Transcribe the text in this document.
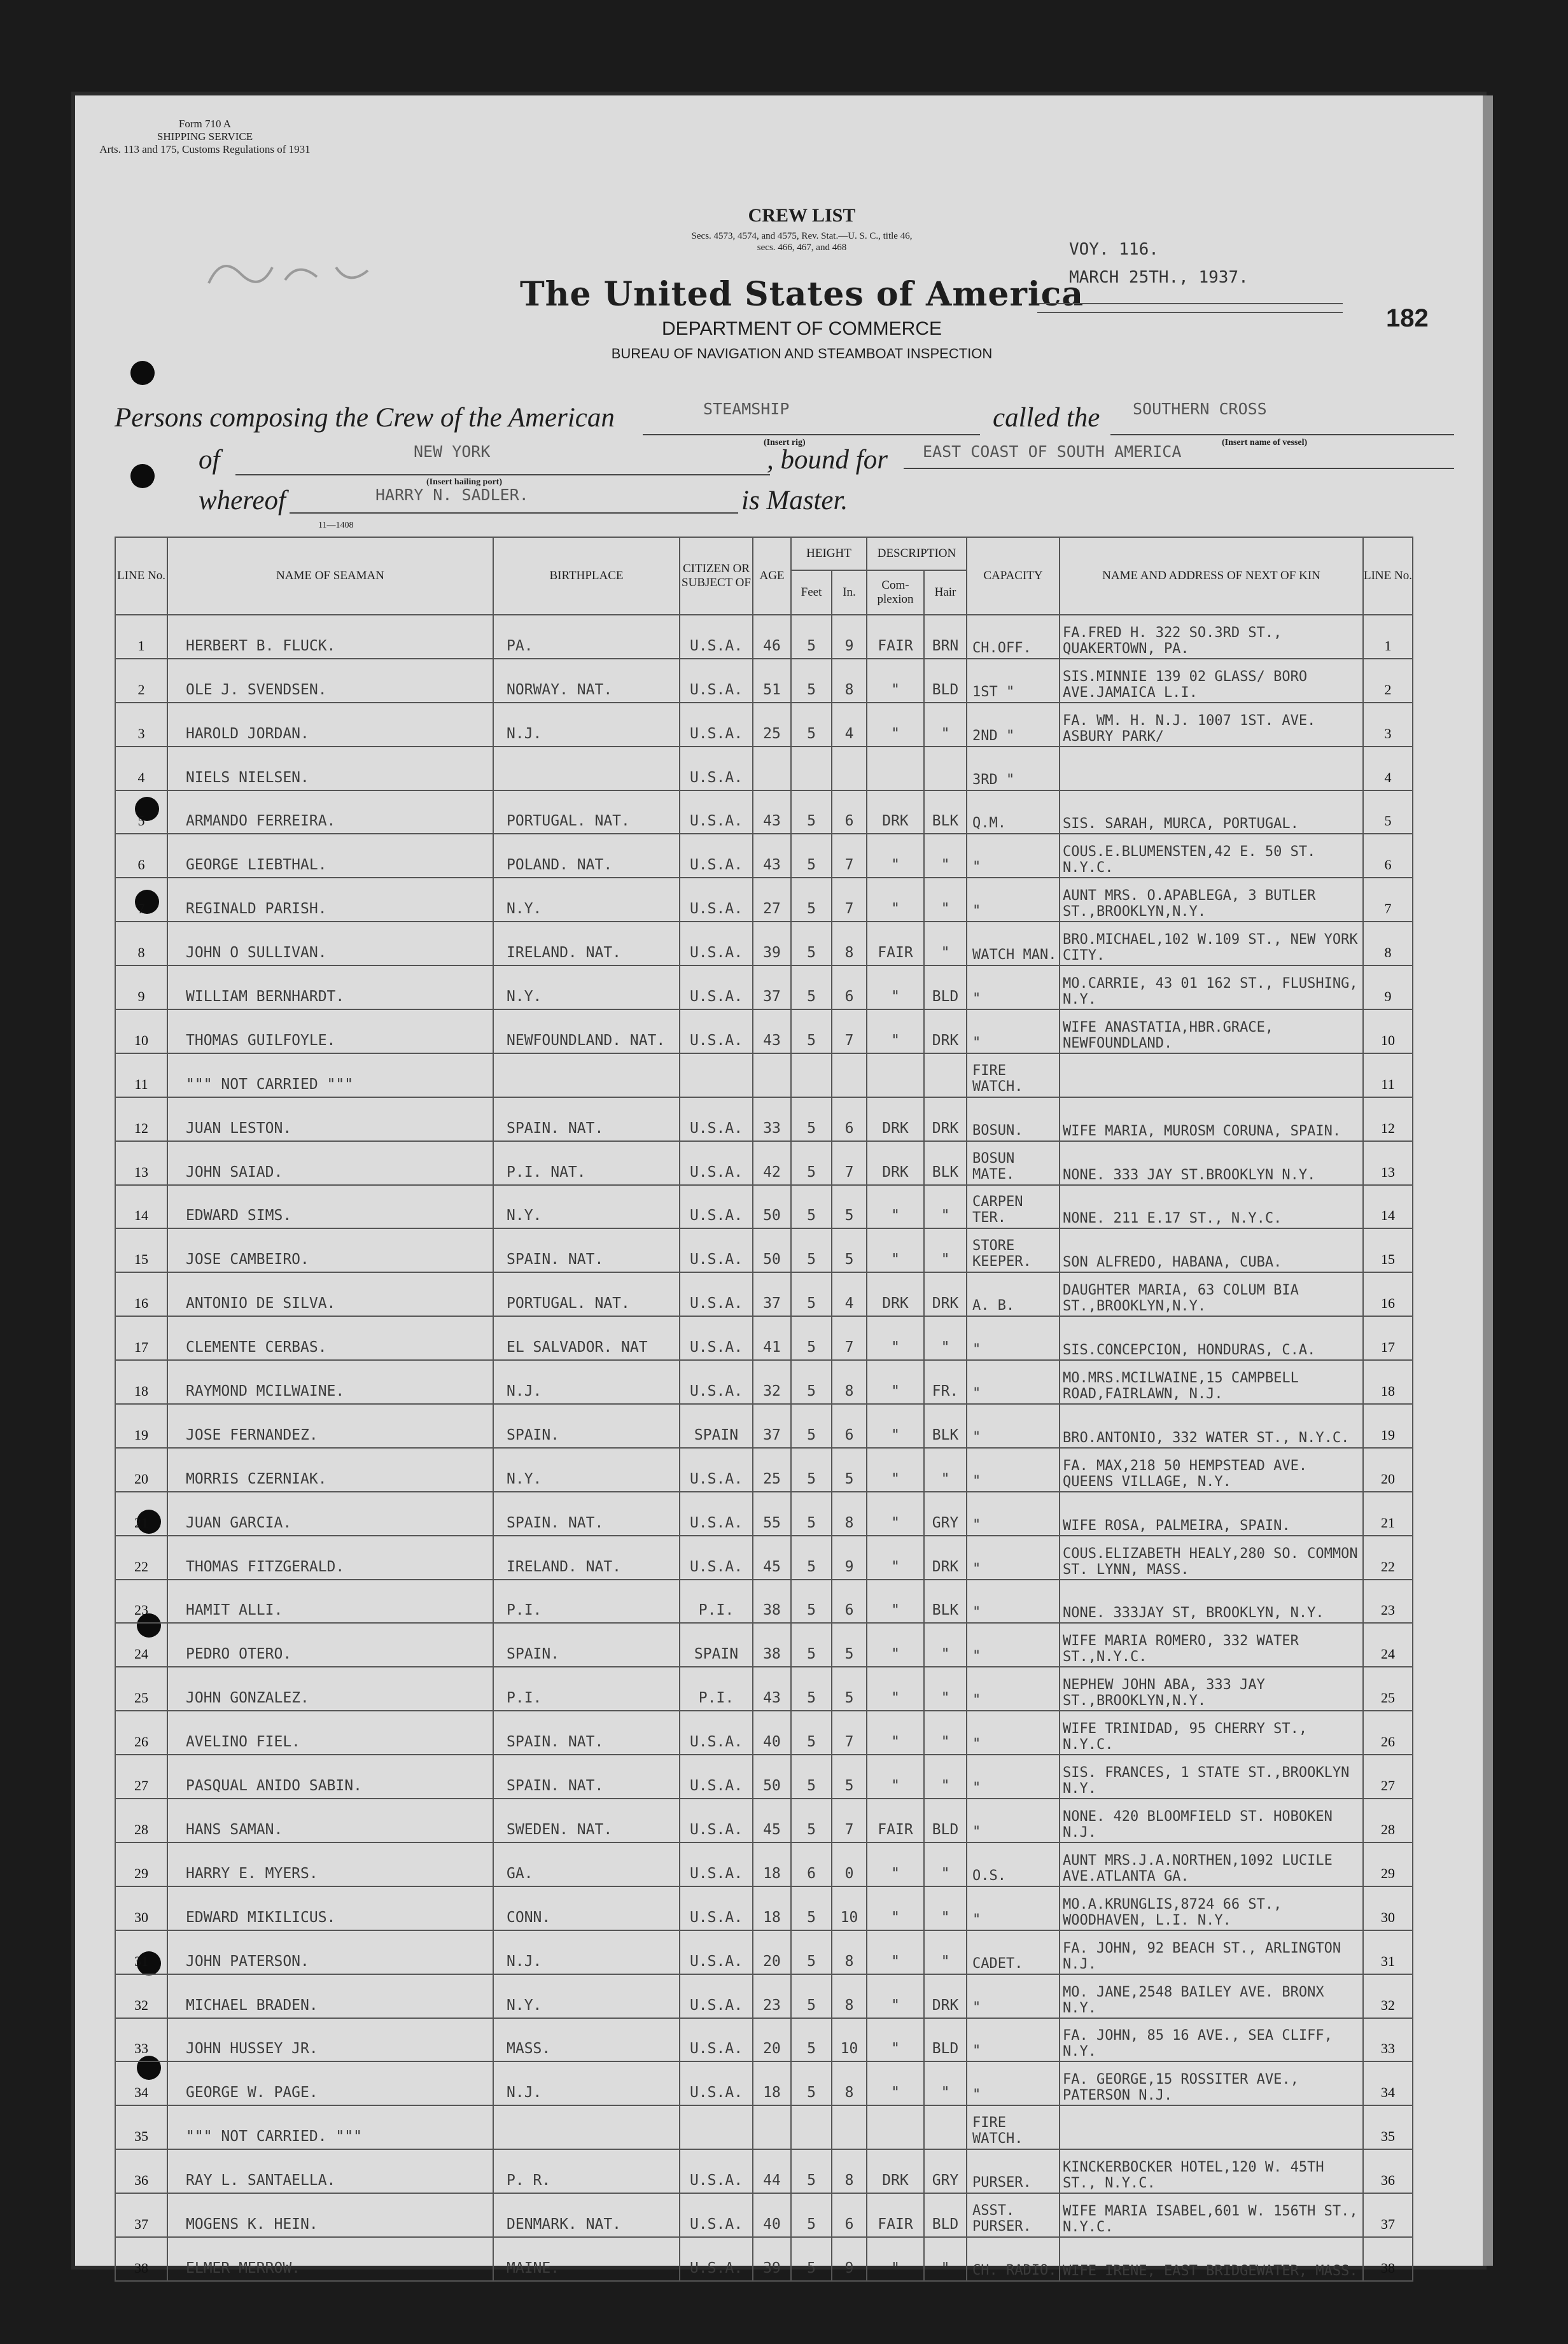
Form 710 A
SHIPPING SERVICE
Arts. 113 and 175, Customs Regulations of 1931
CREW LIST
Secs. 4573, 4574, and 4575, Rev. Stat.—U. S. C., title 46,
secs. 466, 467, and 468
The United States of America
DEPARTMENT OF COMMERCE
BUREAU OF NAVIGATION AND STEAMBOAT INSPECTION
VOY. 116.
MARCH 25TH., 1937.
182
Persons composing the Crew of the American	STEAMSHIP
(Insert rig)
called the SOUTHERN CROSS
(Insert name of vessel)
of	NEW YORK
(Insert hailing port)
, bound for EAST COAST OF SOUTH AMERICA
whereof	HARRY N. SADLER.	is Master.
11—1408
LINE No.	NAME OF SEAMAN	BIRTHPLACE	CITIZEN OR SUBJECT OF	AGE	HEIGHT		DESCRIPTION		CAPACITY	NAME AND ADDRESS OF NEXT OF KIN	LINE No.
					Feet	In.	Com- plexion	Hair			
1	HERBERT B. FLUCK.	PA.	U.S.A.	46	5	9	FAIR	BRN	CH.OFF.	FA.FRED H. 322 SO.3RD ST., QUAKERTOWN, PA.	1
2	OLE J. SVENDSEN.	NORWAY. NAT.	U.S.A.	51	5	8	"	BLD	1ST "	SIS.MINNIE 139 02 GLASS/ BORO AVE.JAMAICA L.I.	2
3	HAROLD JORDAN.	N.J.	U.S.A.	25	5	4	"	"	2ND "	FA. WM. H. N.J. 1007 1ST. AVE. ASBURY PARK/	3
4	NIELS NIELSEN.		U.S.A.						3RD "		4
5	ARMANDO FERREIRA.	PORTUGAL. NAT.	U.S.A.	43	5	6	DRK	BLK	Q.M.	SIS. SARAH, MURCA, PORTUGAL.	5
6	GEORGE LIEBTHAL.	POLAND. NAT.	U.S.A.	43	5	7	"	"	"	COUS.E.BLUMENSTEN,42 E. 50 ST. N.Y.C.	6
7	REGINALD PARISH.	N.Y.	U.S.A.	27	5	7	"	"	"	AUNT MRS. O.APABLEGA, 3 BUTLER ST.,BROOKLYN,N.Y.	7
8	JOHN O SULLIVAN.	IRELAND. NAT.	U.S.A.	39	5	8	FAIR	"	WATCH MAN.	BRO.MICHAEL,102 W.109 ST., NEW YORK CITY.	8
9	WILLIAM BERNHARDT.	N.Y.	U.S.A.	37	5	6	"	BLD	"	MO.CARRIE, 43 01 162 ST., FLUSHING, N.Y.	9
10	THOMAS GUILFOYLE.	NEWFOUNDLAND. NAT.	U.S.A.	43	5	7	"	DRK	"	WIFE ANASTATIA,HBR.GRACE, NEWFOUNDLAND.	10
11	""" NOT CARRIED """								FIRE WATCH.		11
12	JUAN LESTON.	SPAIN. NAT.	U.S.A.	33	5	6	DRK	DRK	BOSUN.	WIFE MARIA, MUROSM CORUNA, SPAIN.	12
13	JOHN SAIAD.	P.I. NAT.	U.S.A.	42	5	7	DRK	BLK	BOSUN MATE.	NONE. 333 JAY ST.BROOKLYN N.Y.	13
14	EDWARD SIMS.	N.Y.	U.S.A.	50	5	5	"	"	CARPEN TER.	NONE. 211 E.17 ST., N.Y.C.	14
15	JOSE CAMBEIRO.	SPAIN. NAT.	U.S.A.	50	5	5	"	"	STORE KEEPER.	SON ALFREDO, HABANA, CUBA.	15
16	ANTONIO DE SILVA.	PORTUGAL. NAT.	U.S.A.	37	5	4	DRK	DRK	A. B.	DAUGHTER MARIA, 63 COLUM BIA ST.,BROOKLYN,N.Y.	16
17	CLEMENTE CERBAS.	EL SALVADOR. NAT	U.S.A.	41	5	7	"	"	"	SIS.CONCEPCION, HONDURAS, C.A.	17
18	RAYMOND MCILWAINE.	N.J.	U.S.A.	32	5	8	"	FR.	"	MO.MRS.MCILWAINE,15 CAMPBELL ROAD,FAIRLAWN, N.J.	18
19	JOSE FERNANDEZ.	SPAIN.	SPAIN	37	5	6	"	BLK	"	BRO.ANTONIO, 332 WATER ST., N.Y.C.	19
20	MORRIS CZERNIAK.	N.Y.	U.S.A.	25	5	5	"	"	"	FA. MAX,218 50 HEMPSTEAD AVE. QUEENS VILLAGE, N.Y.	20
21	JUAN GARCIA.	SPAIN. NAT.	U.S.A.	55	5	8	"	GRY	"	WIFE ROSA, PALMEIRA, SPAIN.	21
22	THOMAS FITZGERALD.	IRELAND. NAT.	U.S.A.	45	5	9	"	DRK	"	COUS.ELIZABETH HEALY,280 SO. COMMON ST. LYNN, MASS.	22
23	HAMIT ALLI.	P.I.	P.I.	38	5	6	"	BLK	"	NONE. 333JAY ST, BROOKLYN, N.Y.	23
24	PEDRO OTERO.	SPAIN.	SPAIN	38	5	5	"	"	"	WIFE MARIA ROMERO, 332 WATER ST.,N.Y.C.	24
25	JOHN GONZALEZ.	P.I.	P.I.	43	5	5	"	"	"	NEPHEW JOHN ABA, 333 JAY ST.,BROOKLYN,N.Y.	25
26	AVELINO FIEL.	SPAIN. NAT.	U.S.A.	40	5	7	"	"	"	WIFE TRINIDAD, 95 CHERRY ST., N.Y.C.	26
27	PASQUAL ANIDO SABIN.	SPAIN. NAT.	U.S.A.	50	5	5	"	"	"	SIS. FRANCES, 1 STATE ST.,BROOKLYN N.Y.	27
28	HANS SAMAN.	SWEDEN. NAT.	U.S.A.	45	5	7	FAIR	BLD	"	NONE. 420 BLOOMFIELD ST. HOBOKEN N.J.	28
29	HARRY E. MYERS.	GA.	U.S.A.	18	6	0	"	"	O.S.	AUNT MRS.J.A.NORTHEN,1092 LUCILE AVE.ATLANTA GA.	29
30	EDWARD MIKILICUS.	CONN.	U.S.A.	18	5	10	"	"	"	MO.A.KRUNGLIS,8724 66 ST., WOODHAVEN, L.I. N.Y.	30
31	JOHN PATERSON.	N.J.	U.S.A.	20	5	8	"	"	CADET.	FA. JOHN, 92 BEACH ST., ARLINGTON N.J.	31
32	MICHAEL BRADEN.	N.Y.	U.S.A.	23	5	8	"	DRK	"	MO. JANE,2548 BAILEY AVE. BRONX N.Y.	32
33	JOHN HUSSEY JR.	MASS.	U.S.A.	20	5	10	"	BLD	"	FA. JOHN, 85 16 AVE., SEA CLIFF, N.Y.	33
34	GEORGE W. PAGE.	N.J.	U.S.A.	18	5	8	"	"	"	FA. GEORGE,15 ROSSITER AVE., PATERSON N.J.	34
35	""" NOT CARRIED. """								FIRE WATCH.		35
36	RAY L. SANTAELLA.	P. R.	U.S.A.	44	5	8	DRK	GRY	PURSER.	KINCKERBOCKER HOTEL,120 W. 45TH ST., N.Y.C.	36
37	MOGENS K. HEIN.	DENMARK. NAT.	U.S.A.	40	5	6	FAIR	BLD	ASST. PURSER.	WIFE MARIA ISABEL,601 W. 156TH ST., N.Y.C.	37
38	ELMER MERROW.	MAINE.	U.S.A.	39	5	9	"	"	CH. RADIO.	WIFE IRENE, EAST BRIDGEWATER, MASS.	38
